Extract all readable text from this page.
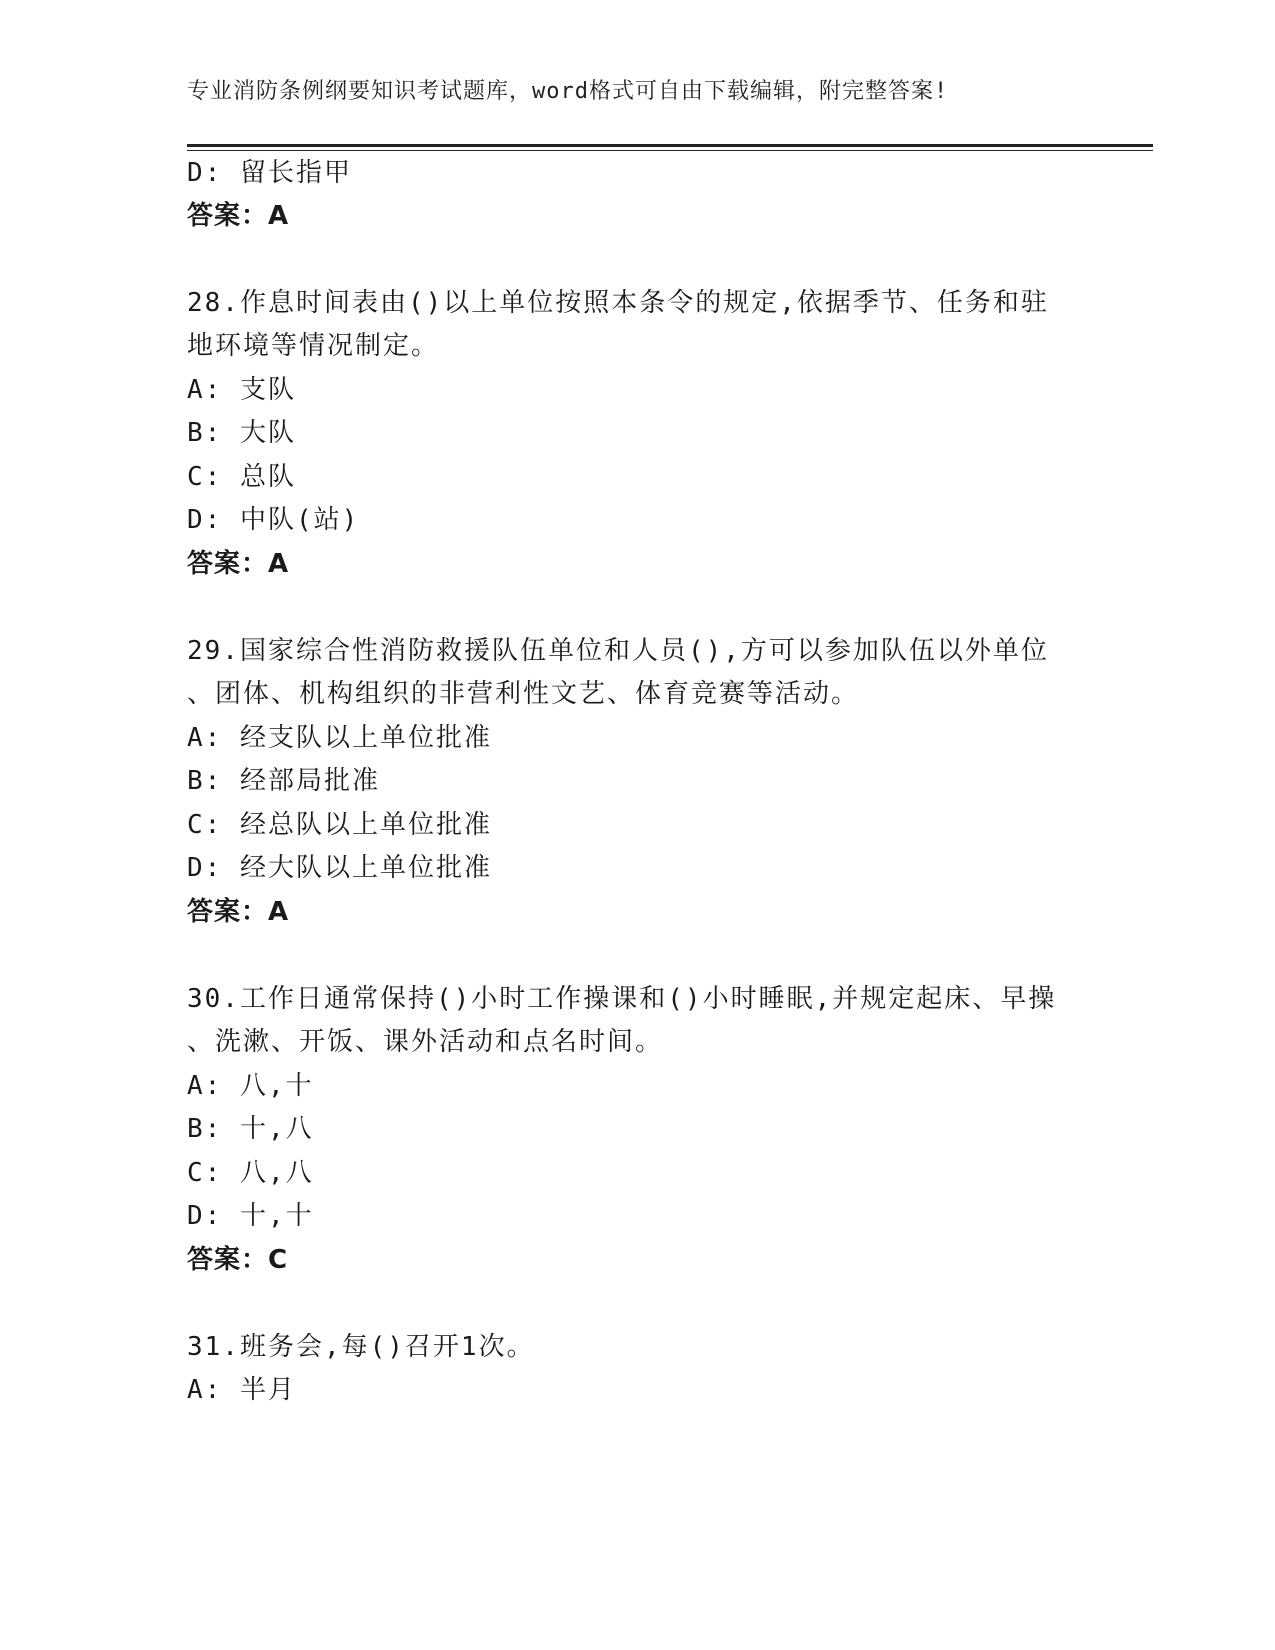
专业消防条例纲要知识考试题库，word格式可自由下载编辑，附完整答案!
D: 留长指甲
答案：A
28.作息时间表由()以上单位按照本条令的规定,依据季节、任务和驻
地环境等情况制定。
A: 支队
B: 大队
C: 总队
D: 中队(站)
答案：A
29.国家综合性消防救援队伍单位和人员(),方可以参加队伍以外单位
、团体、机构组织的非营利性文艺、体育竞赛等活动。
A: 经支队以上单位批准
B: 经部局批准
C: 经总队以上单位批准
D: 经大队以上单位批准
答案：A
30.工作日通常保持()小时工作操课和()小时睡眠,并规定起床、早操
、洗漱、开饭、课外活动和点名时间。
A: 八,十
B: 十,八
C: 八,八
D: 十,十
答案：C
31.班务会,每()召开1次。
A: 半月
